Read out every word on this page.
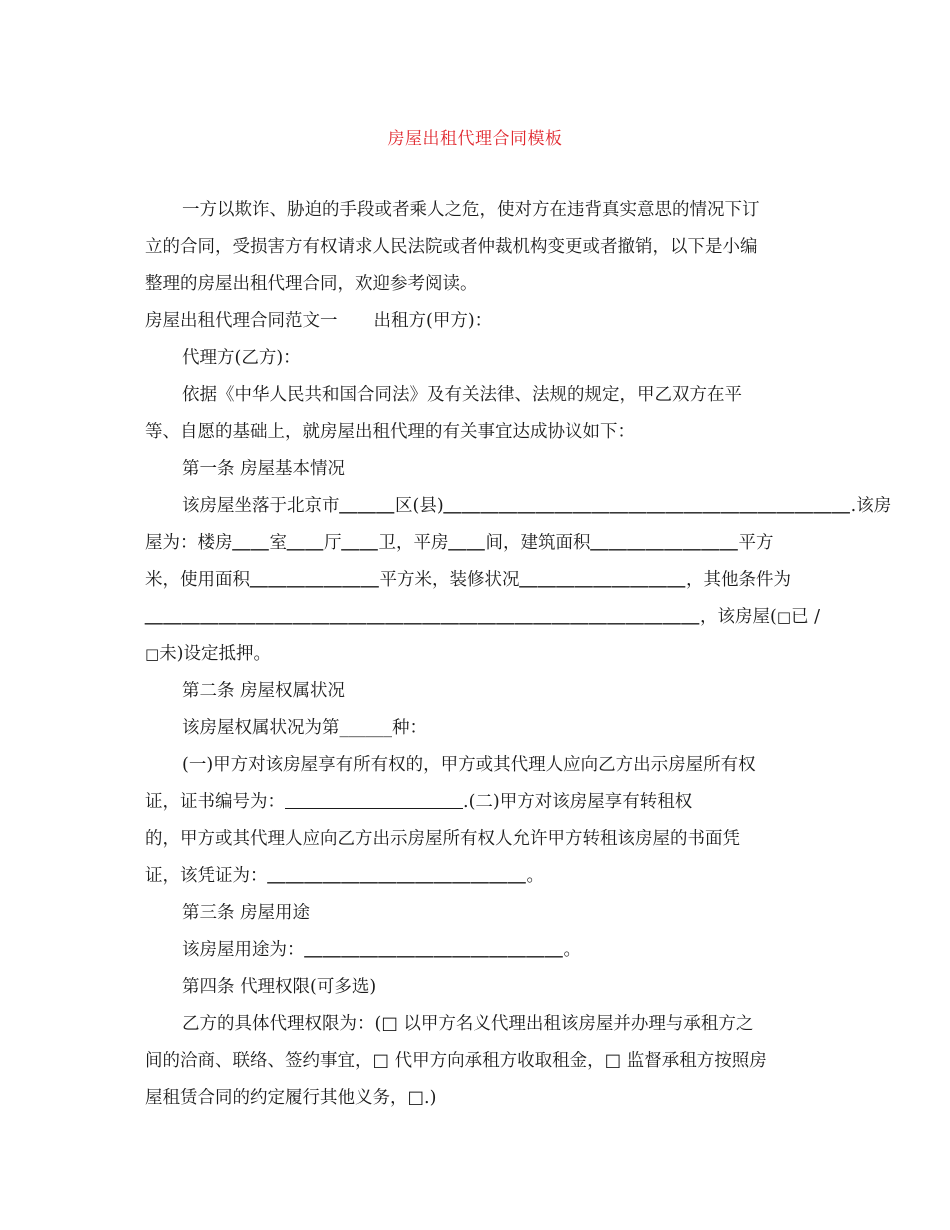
房屋出租代理合同模板

一方以欺诈、胁迫的手段或者乘人之危，使对方在违背真实意思的情况下订

立的合同，受损害方有权请求人民法院或者仲裁机构变更或者撤销，以下是小编

整理的房屋出租代理合同，欢迎参考阅读。

房屋出租代理合同范文一 出租方(甲方)：

代理方(乙方)：

依据《中华人民共和国合同法》及有关法律、法规的规定，甲乙双方在平

等、自愿的基础上，就房屋出租代理的有关事宜达成协议如下：

第一条 房屋基本情况

该房屋坐落于北京市＿＿＿区(县)＿＿＿＿＿＿＿＿＿＿＿＿＿＿＿＿＿＿＿＿＿＿.该房

屋为：楼房＿＿室＿＿厅＿＿卫，平房＿＿间，建筑面积＿＿＿＿＿＿＿＿平方

米，使用面积＿＿＿＿＿＿＿平方米，装修状况＿＿＿＿＿＿＿＿＿，其他条件为

＿＿＿＿＿＿＿＿＿＿＿＿＿＿＿＿＿＿＿＿＿＿＿＿＿＿＿＿＿＿，该房屋(□已 /

□未)设定抵押。

第二条 房屋权属状况

该房屋权属状况为第______种：

(一)甲方对该房屋享有所有权的，甲方或其代理人应向乙方出示房屋所有权

证，证书编号为：	.(二)甲方对该房屋享有转租权

的，甲方或其代理人应向乙方出示房屋所有权人允许甲方转租该房屋的书面凭

证，该凭证为：＿＿＿＿＿＿＿＿＿＿＿＿＿＿。

第三条 房屋用途

该房屋用途为：＿＿＿＿＿＿＿＿＿＿＿＿＿＿。

第四条 代理权限(可多选)

乙方的具体代理权限为：(□ 以甲方名义代理出租该房屋并办理与承租方之

间的洽商、联络、签约事宜，□ 代甲方向承租方收取租金，□ 监督承租方按照房

屋租赁合同的约定履行其他义务，□.)
